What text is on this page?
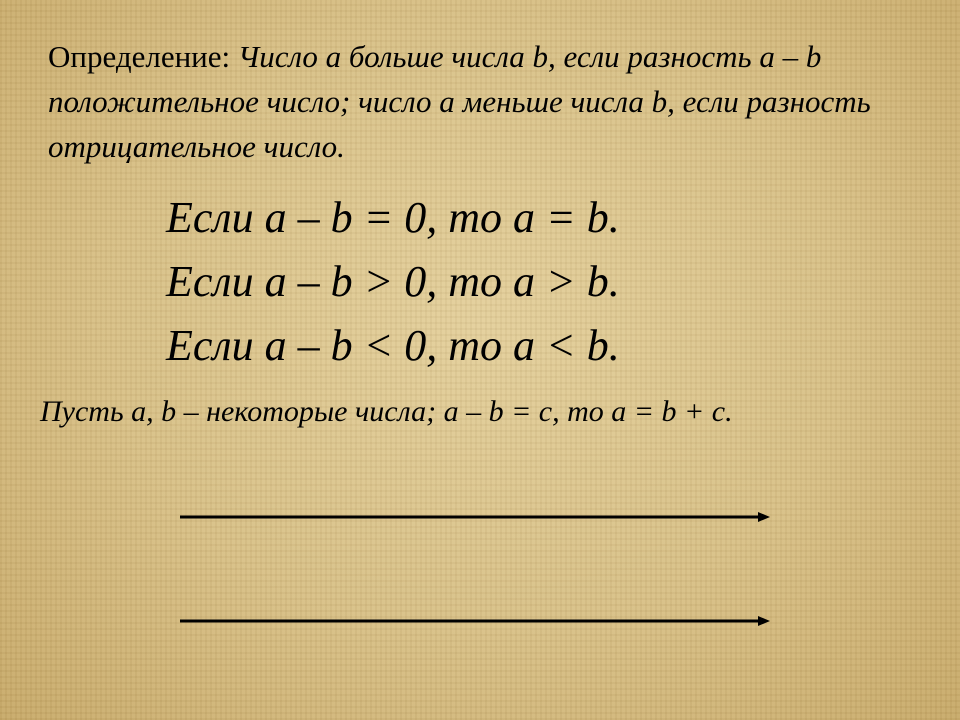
Определение: Число a больше числа b, если разность a – b положительное число; число a меньше числа b, если разность отрицательное число.

Если a – b = 0, то a = b.
Если a – b > 0, то a > b.
Если a – b < 0, то a < b.

Пусть a, b – некоторые числа; a – b = c, то a = b + c.
